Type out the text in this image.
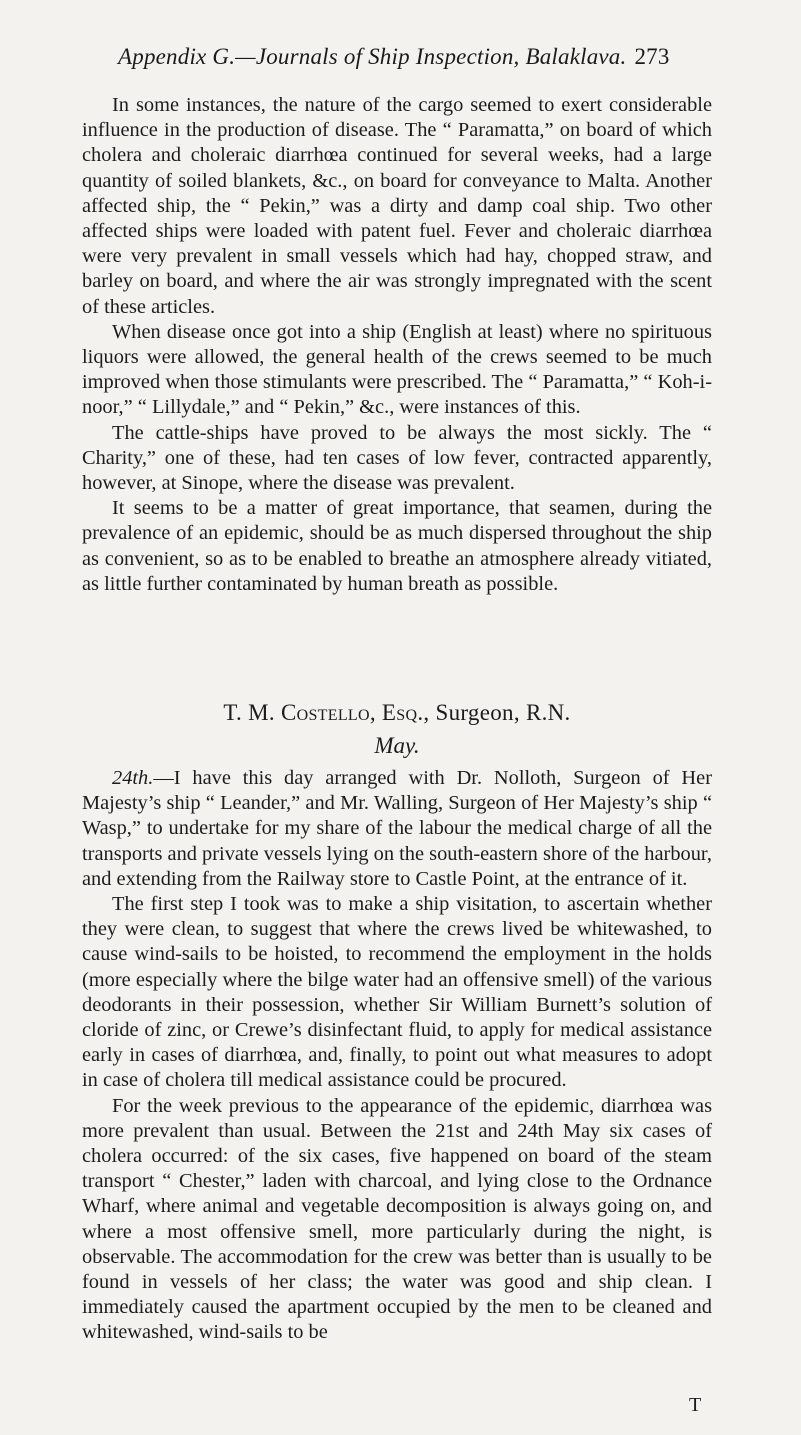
Appendix G.—Journals of Ship Inspection, Balaklava. 273

In some instances, the nature of the cargo seemed to exert considerable influence in the production of disease. The “ Paramatta,” on board of which cholera and choleraic diarrhœa continued for several weeks, had a large quantity of soiled blankets, &c., on board for conveyance to Malta. Another affected ship, the “ Pekin,” was a dirty and damp coal ship. Two other affected ships were loaded with patent fuel. Fever and choleraic diarrhœa were very prevalent in small vessels which had hay, chopped straw, and barley on board, and where the air was strongly impregnated with the scent of these articles.

When disease once got into a ship (English at least) where no spirituous liquors were allowed, the general health of the crews seemed to be much improved when those stimulants were prescribed. The “ Paramatta,” “ Koh-i-noor,” “ Lillydale,” and “ Pekin,” &c., were instances of this.

The cattle-ships have proved to be always the most sickly. The “ Charity,” one of these, had ten cases of low fever, contracted apparently, however, at Sinope, where the disease was prevalent.

It seems to be a matter of great importance, that seamen, during the prevalence of an epidemic, should be as much dispersed throughout the ship as convenient, so as to be enabled to breathe an atmosphere already vitiated, as little further contaminated by human breath as possible.

T. M. Costello, Esq., Surgeon, R.N.
May.

24th.—I have this day arranged with Dr. Nolloth, Surgeon of Her Majesty’s ship “ Leander,” and Mr. Walling, Surgeon of Her Majesty’s ship “ Wasp,” to undertake for my share of the labour the medical charge of all the transports and private vessels lying on the south-eastern shore of the harbour, and extending from the Railway store to Castle Point, at the entrance of it.

The first step I took was to make a ship visitation, to ascertain whether they were clean, to suggest that where the crews lived be whitewashed, to cause wind-sails to be hoisted, to recommend the employment in the holds (more especially where the bilge water had an offensive smell) of the various deodorants in their possession, whether Sir William Burnett’s solution of cloride of zinc, or Crewe’s disinfectant fluid, to apply for medical assistance early in cases of diarrhœa, and, finally, to point out what measures to adopt in case of cholera till medical assistance could be procured.

For the week previous to the appearance of the epidemic, diarrhœa was more prevalent than usual. Between the 21st and 24th May six cases of cholera occurred: of the six cases, five happened on board of the steam transport “ Chester,” laden with charcoal, and lying close to the Ordnance Wharf, where animal and vegetable decomposition is always going on, and where a most offensive smell, more particularly during the night, is observable. The accommodation for the crew was better than is usually to be found in vessels of her class; the water was good and ship clean. I immediately caused the apartment occupied by the men to be cleaned and whitewashed, wind-sails to be

T
